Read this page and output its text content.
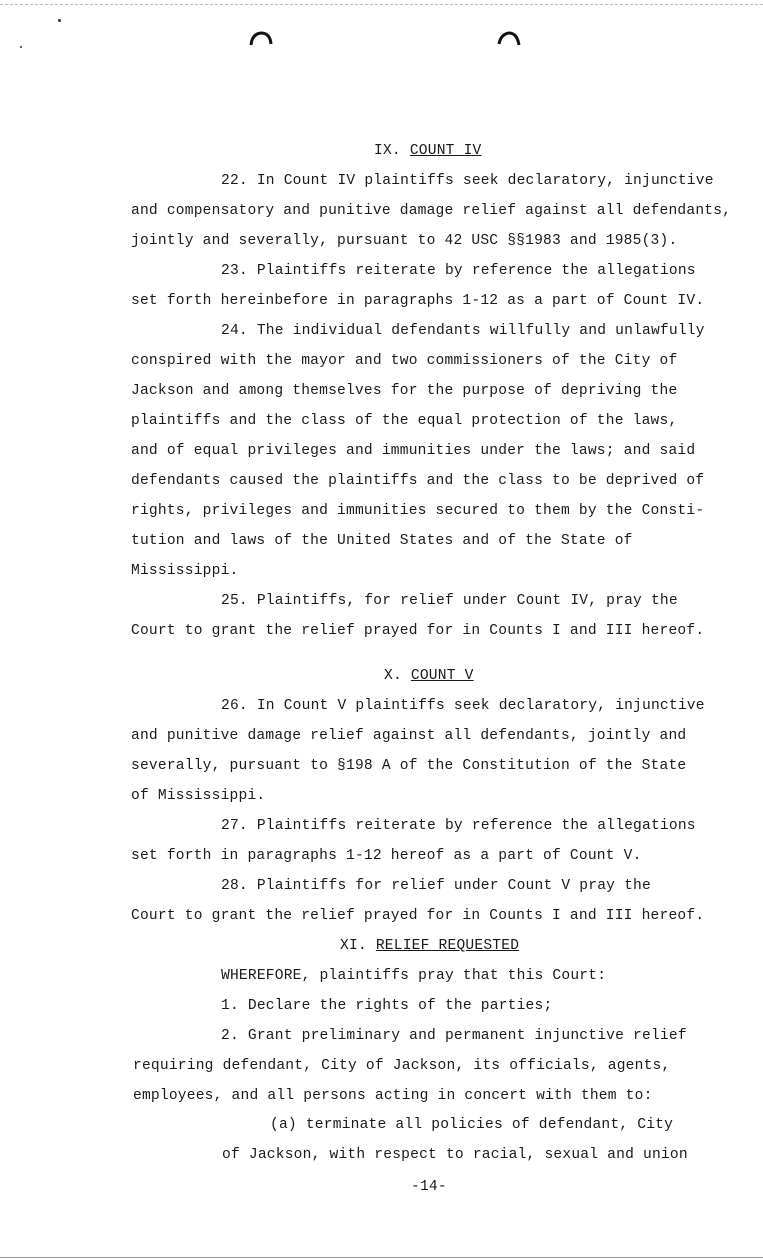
IX. COUNT IV
22. In Count IV plaintiffs seek declaratory, injunctive
and compensatory and punitive damage relief against all defendants,
jointly and severally, pursuant to 42 USC §§1983 and 1985(3).
23. Plaintiffs reiterate by reference the allegations
set forth hereinbefore in paragraphs 1-12 as a part of Count IV.
24. The individual defendants willfully and unlawfully
conspired with the mayor and two commissioners of the City of
Jackson and among themselves for the purpose of depriving the
plaintiffs and the class of the equal protection of the laws,
and of equal privileges and immunities under the laws; and said
defendants caused the plaintiffs and the class to be deprived of
rights, privileges and immunities secured to them by the Consti-
tution and laws of the United States and of the State of
Mississippi.
25. Plaintiffs, for relief under Count IV, pray the
Court to grant the relief prayed for in Counts I and III hereof.
X. COUNT V
26. In Count V plaintiffs seek declaratory, injunctive
and punitive damage relief against all defendants, jointly and
severally, pursuant to §198 A of the Constitution of the State
of Mississippi.
27. Plaintiffs reiterate by reference the allegations
set forth in paragraphs 1-12 hereof as a part of Count V.
28. Plaintiffs for relief under Count V pray the
Court to grant the relief prayed for in Counts I and III hereof.
XI. RELIEF REQUESTED
WHEREFORE, plaintiffs pray that this Court:
1. Declare the rights of the parties;
2. Grant preliminary and permanent injunctive relief
requiring defendant, City of Jackson, its officials, agents,
employees, and all persons acting in concert with them to:
(a) terminate all policies of defendant, City
of Jackson, with respect to racial, sexual and union
-14-
